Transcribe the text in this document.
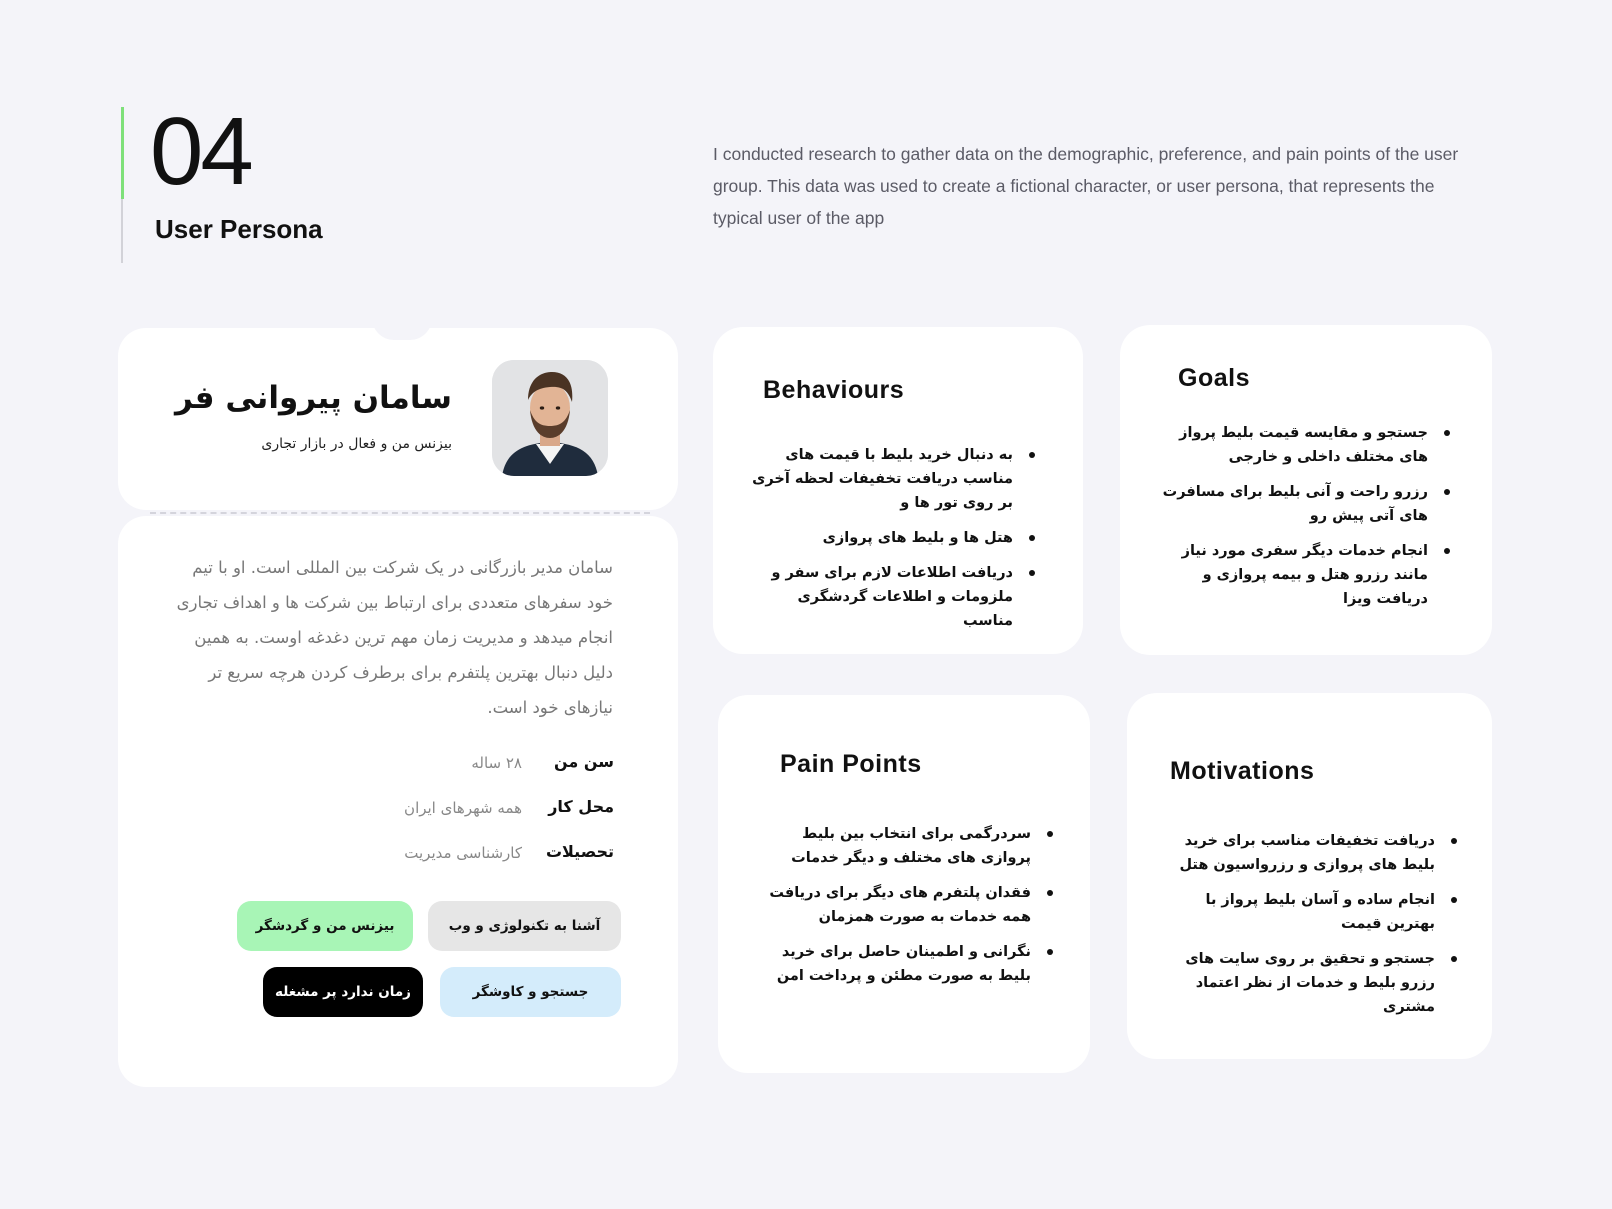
04
User Persona
I conducted research to gather data on the demographic, preference, and pain points of the user group. This data was used to create a fictional character, or user persona, that represents the typical user of the app
سامان پیروانی فر
بیزنس من و فعال در بازار تجاری
سامان مدیر بازرگانی در یک شرکت بین المللی است. او با تیم خود سفرهای متعددی برای ارتباط بین شرکت ها و اهداف تجاری انجام میدهد و مدیریت زمان مهم ترین دغدغه اوست. به همین دلیل دنبال بهترین پلتفرم برای برطرف کردن هرچه سریع تر نیازهای خود است.
سن من
۲۸ ساله
محل کار
همه شهرهای ایران
تحصیلات
کارشناسی مدیریت
آشنا به تکنولوژی و وب
بیزنس من و گردشگر
جستجو و کاوشگر
زمان ندارد پر مشغله
Behaviours
به دنبال خرید بلیط با قیمت های مناسب دریافت تخفیفات لحظه آخری بر روی تور ها و
هتل ها و بلیط های پروازی
دریافت اطلاعات لازم برای سفر و ملزومات و اطلاعات گردشگری مناسب
Goals
جستجو و مقایسه قیمت بلیط پرواز های مختلف داخلی و خارجی
رزرو راحت و آنی بلیط برای مسافرت های آتی پیش رو
انجام خدمات دیگر سفری مورد نیاز مانند رزرو هتل و بیمه پروازی و دریافت ویزا
Pain Points
سردرگمی برای انتخاب بین بلیط پروازی های مختلف و دیگر خدمات
فقدان پلتفرم های دیگر برای دریافت همه خدمات به صورت همزمان
نگرانی و اطمینان حاصل برای خرید بلیط به صورت مطئن و پرداخت امن
Motivations
دریافت تخفیفات مناسب برای خرید بلیط های پروازی و رزرواسیون هتل
انجام ساده و آسان بلیط پرواز با بهترین قیمت
جستجو و تحقیق بر روی سایت های رزرو بلیط و خدمات از نظر اعتماد مشتری
